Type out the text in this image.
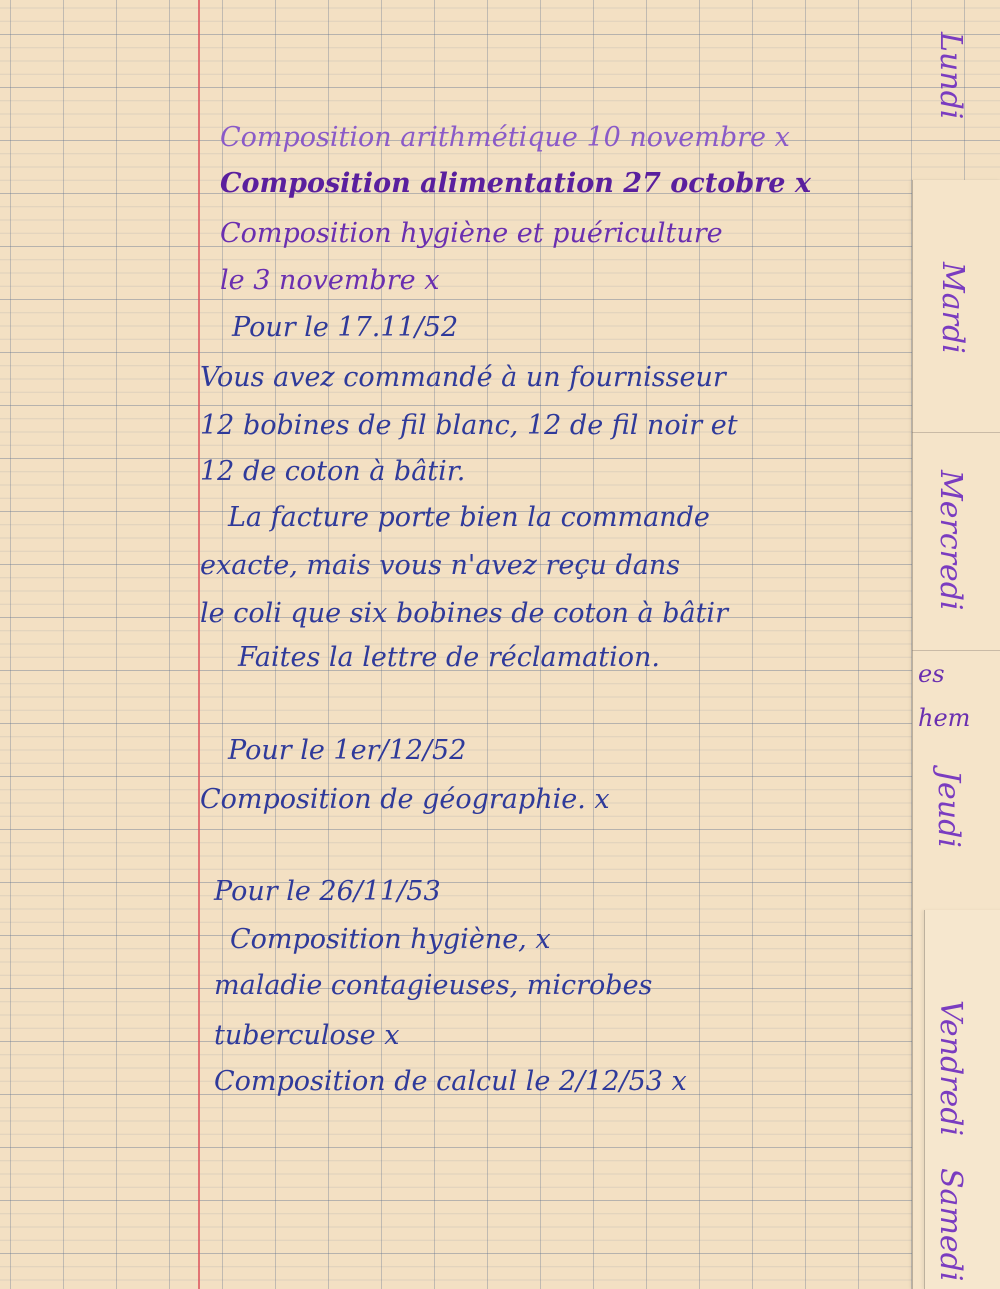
Lundi
Mardi
Mercredi
es
hem
Jeudi
Vendredi
Samedi
Composition arithmétique 10 novembre x
Composition alimentation 27 octobre x
Composition hygiène et puériculture
le 3 novembre x
Pour le 17.11/52
Vous avez commandé à un fournisseur
12 bobines de fil blanc, 12 de fil noir et
12 de coton à bâtir.
La facture porte bien la commande
exacte, mais vous n'avez reçu dans
le coli que six bobines de coton à bâtir
Faites la lettre de réclamation.
Pour le 1er/12/52
Composition de géographie. x
Pour le 26/11/53
Composition hygiène, x
maladie contagieuses, microbes
tuberculose x
Composition de calcul le 2/12/53 x
